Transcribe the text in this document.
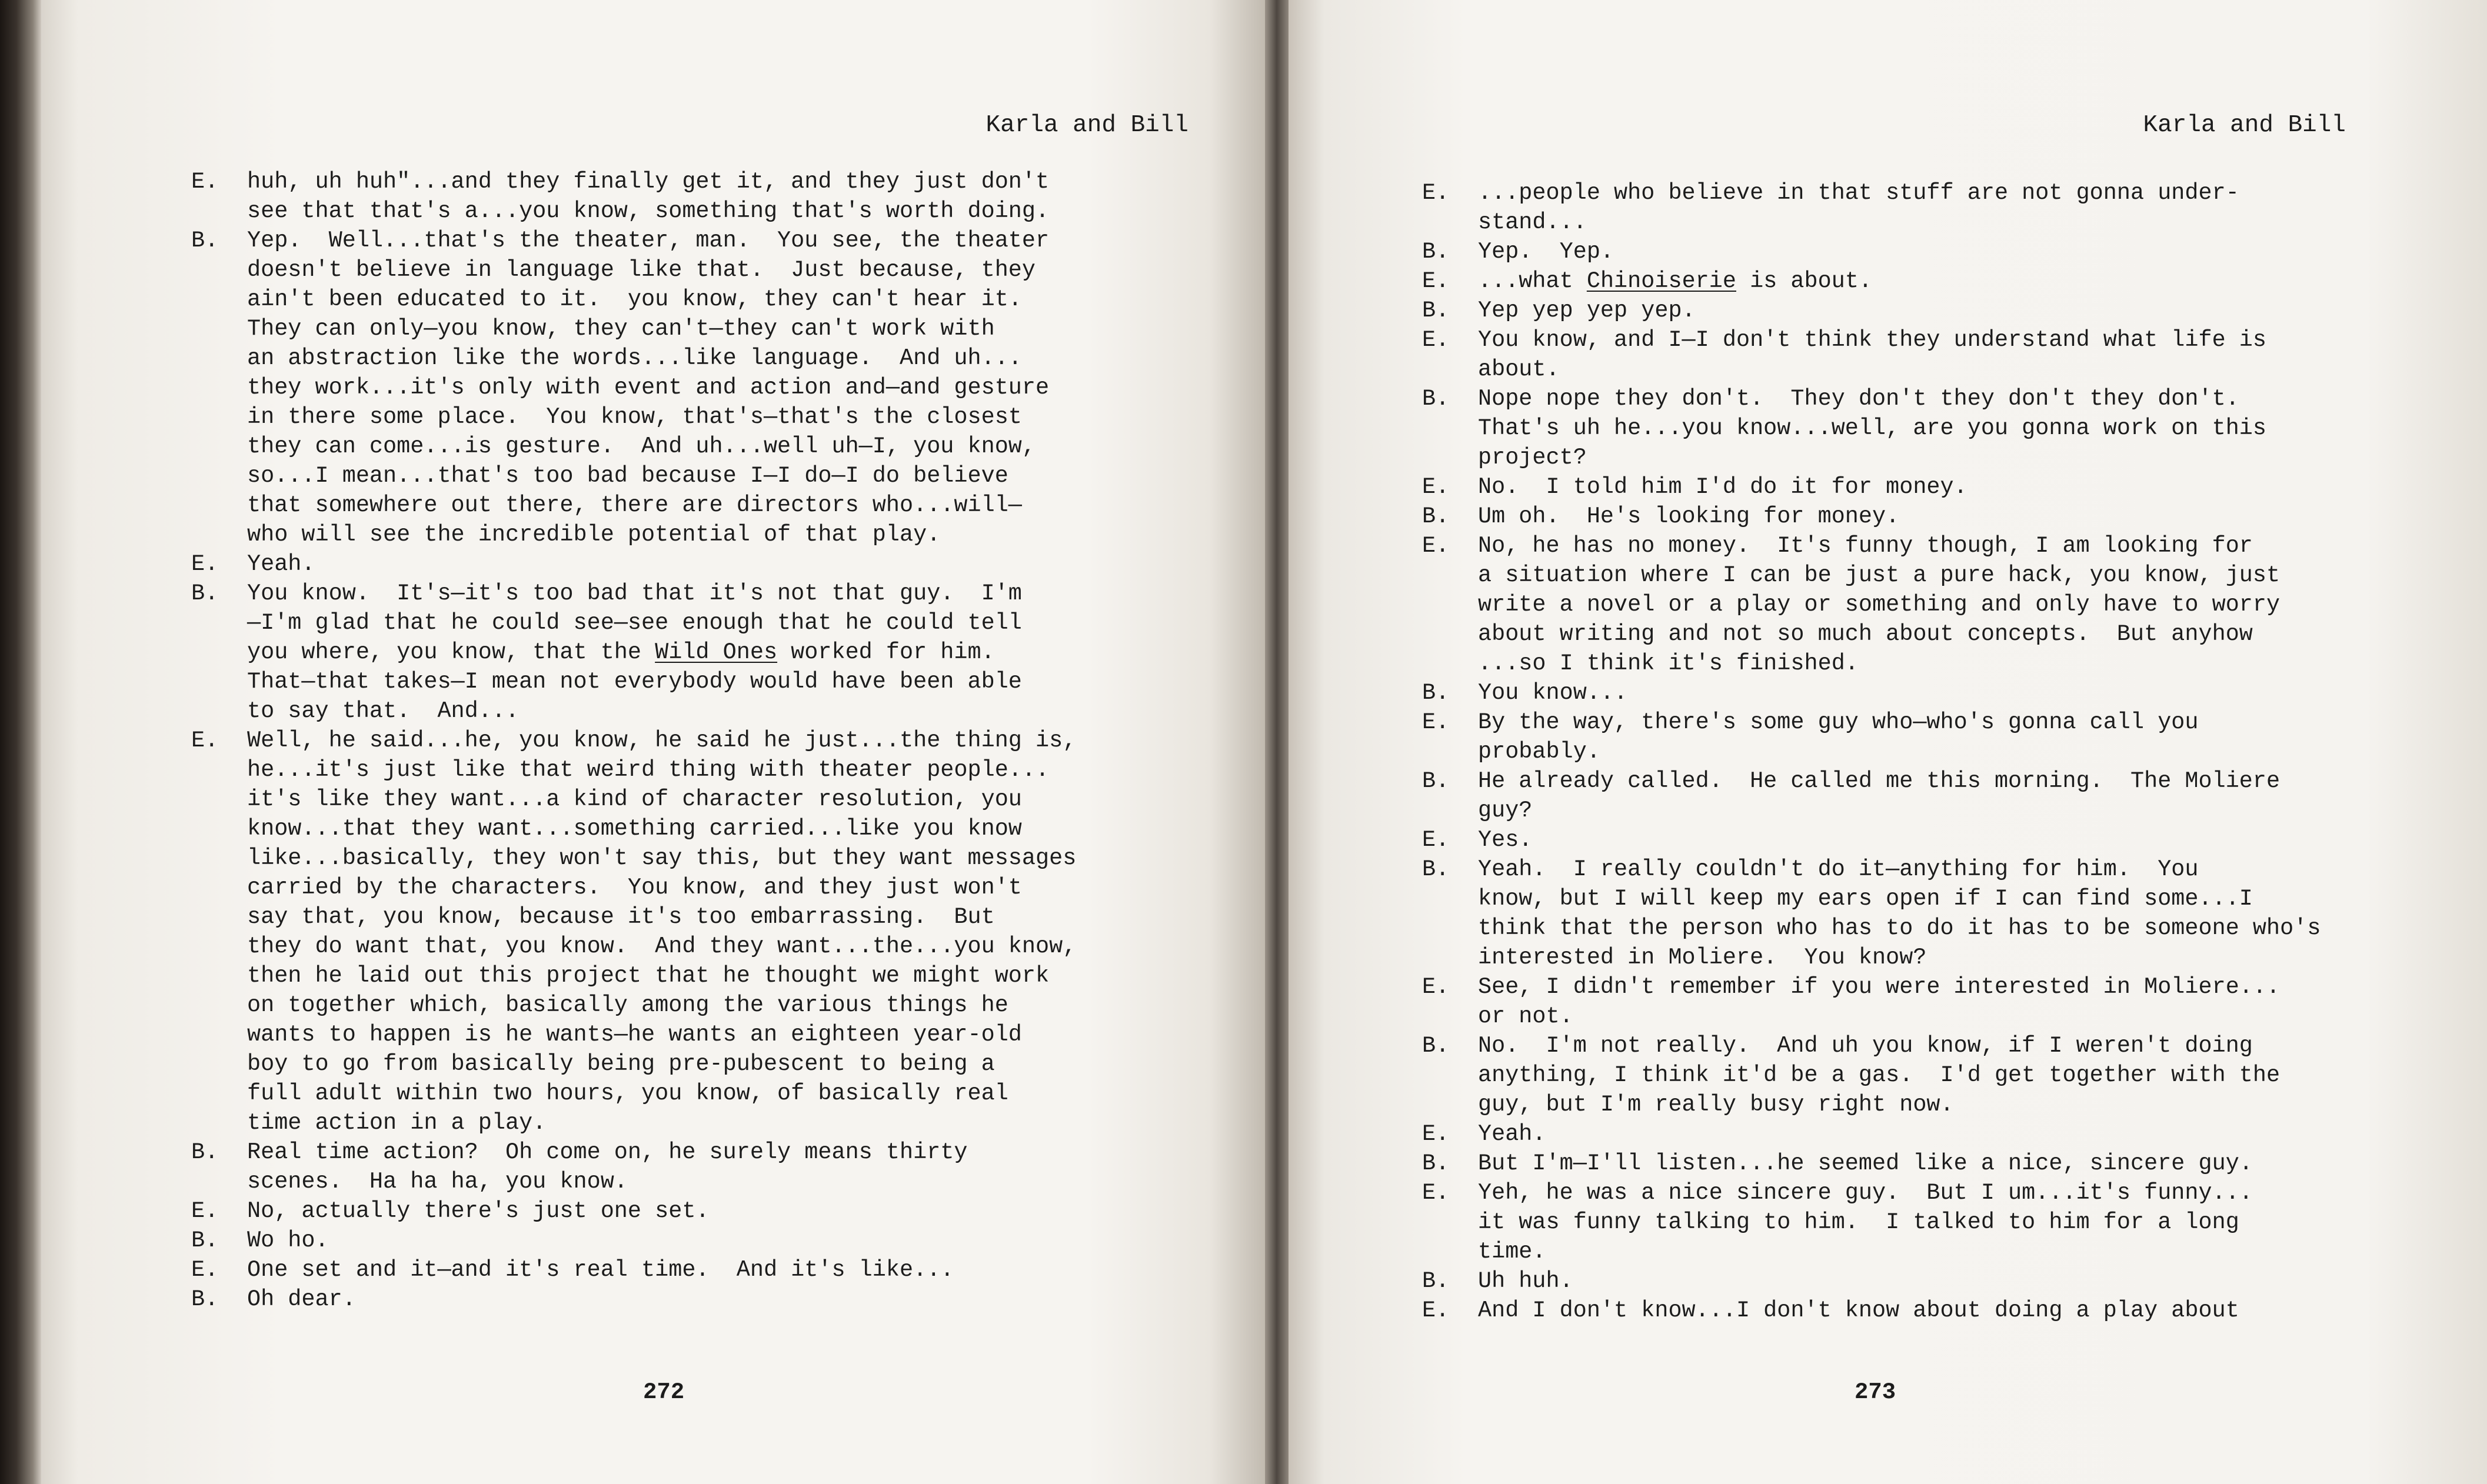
Karla and Bill
E.	huh, uh huh"...and they finally get it, and they just don't
see that that's a...you know, something that's worth doing.
B.	Yep.  Well...that's the theater, man.  You see, the theater
doesn't believe in language like that.  Just because, they
ain't been educated to it.  you know, they can't hear it.
They can only—you know, they can't—they can't work with
an abstraction like the words...like language.  And uh...
they work...it's only with event and action and—and gesture
in there some place.  You know, that's—that's the closest
they can come...is gesture.  And uh...well uh—I, you know,
so...I mean...that's too bad because I—I do—I do believe
that somewhere out there, there are directors who...will—
who will see the incredible potential of that play.
E.	Yeah.
B.	You know.  It's—it's too bad that it's not that guy.  I'm
—I'm glad that he could see—see enough that he could tell
you where, you know, that the Wild Ones worked for him.
That—that takes—I mean not everybody would have been able
to say that.  And...
E.	Well, he said...he, you know, he said he just...the thing is,
he...it's just like that weird thing with theater people...
it's like they want...a kind of character resolution, you
know...that they want...something carried...like you know
like...basically, they won't say this, but they want messages
carried by the characters.  You know, and they just won't
say that, you know, because it's too embarrassing.  But
they do want that, you know.  And they want...the...you know,
then he laid out this project that he thought we might work
on together which, basically among the various things he
wants to happen is he wants—he wants an eighteen year-old
boy to go from basically being pre-pubescent to being a
full adult within two hours, you know, of basically real
time action in a play.
B.	Real time action?  Oh come on, he surely means thirty
scenes.  Ha ha ha, you know.
E.	No, actually there's just one set.
B.	Wo ho.
E.	One set and it—and it's real time.  And it's like...
B.	Oh dear.
272
Karla and Bill
E.	...people who believe in that stuff are not gonna under-
stand...
B.	Yep.  Yep.
E.	...what Chinoiserie is about.
B.	Yep yep yep yep.
E.	You know, and I—I don't think they understand what life is
about.
B.	Nope nope they don't.  They don't they don't they don't.
That's uh he...you know...well, are you gonna work on this
project?
E.	No.  I told him I'd do it for money.
B.	Um oh.  He's looking for money.
E.	No, he has no money.  It's funny though, I am looking for
a situation where I can be just a pure hack, you know, just
write a novel or a play or something and only have to worry
about writing and not so much about concepts.  But anyhow
...so I think it's finished.
B.	You know...
E.	By the way, there's some guy who—who's gonna call you
probably.
B.	He already called.  He called me this morning.  The Moliere
guy?
E.	Yes.
B.	Yeah.  I really couldn't do it—anything for him.  You
know, but I will keep my ears open if I can find some...I
think that the person who has to do it has to be someone who's
interested in Moliere.  You know?
E.	See, I didn't remember if you were interested in Moliere...
or not.
B.	No.  I'm not really.  And uh you know, if I weren't doing
anything, I think it'd be a gas.  I'd get together with the
guy, but I'm really busy right now.
E.	Yeah.
B.	But I'm—I'll listen...he seemed like a nice, sincere guy.
E.	Yeh, he was a nice sincere guy.  But I um...it's funny...
it was funny talking to him.  I talked to him for a long
time.
B.	Uh huh.
E.	And I don't know...I don't know about doing a play about
273
